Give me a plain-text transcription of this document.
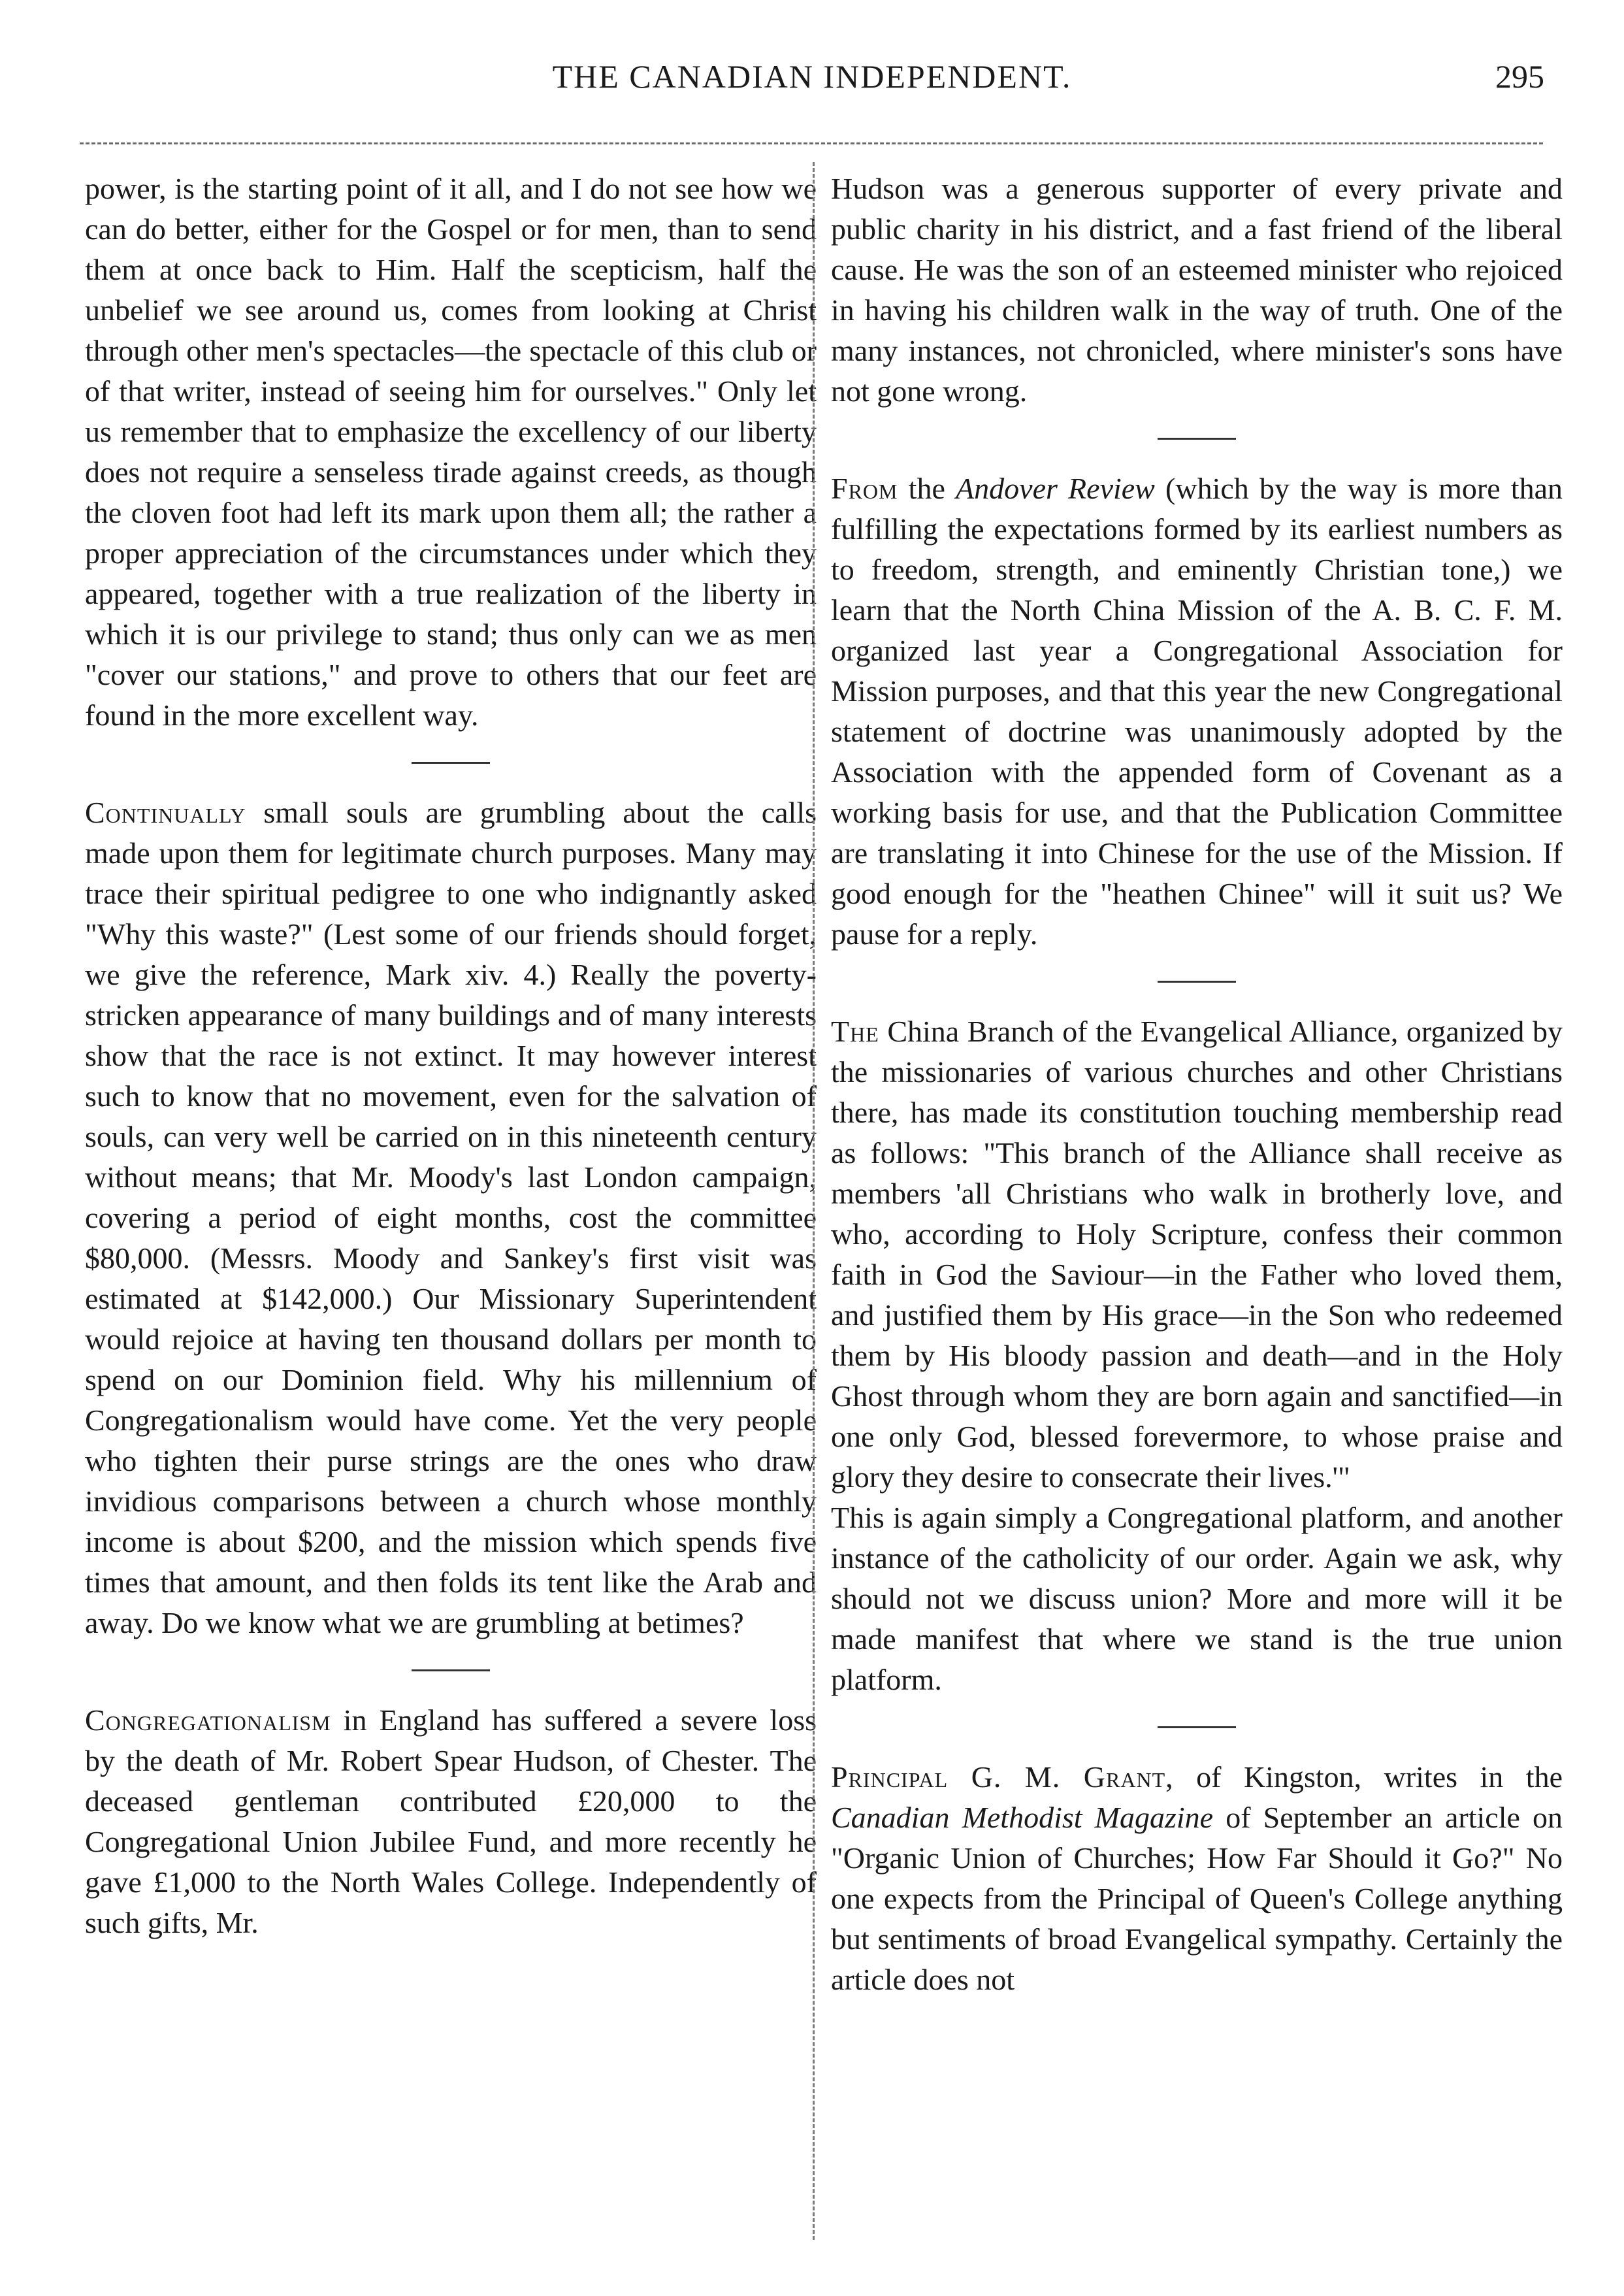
THE CANADIAN INDEPENDENT.	295

power, is the starting point of it all, and I do not see how we can do better, either for the Gospel or for men, than to send them at once back to Him. Half the scepticism, half the unbelief we see around us, comes from looking at Christ through other men's spectacles—the spectacle of this club or of that writer, instead of seeing him for ourselves." Only let us remember that to emphasize the excellency of our liberty does not require a senseless tirade against creeds, as though the cloven foot had left its mark upon them all; the rather a proper appreciation of the circumstances under which they appeared, together with a true realization of the liberty in which it is our privilege to stand; thus only can we as men "cover our stations," and prove to others that our feet are found in the more excellent way.

Continually small souls are grumbling about the calls made upon them for legitimate church purposes. Many may trace their spiritual pedigree to one who indignantly asked "Why this waste?" (Lest some of our friends should forget, we give the reference, Mark xiv. 4.) Really the poverty-stricken appearance of many buildings and of many interests show that the race is not extinct. It may however interest such to know that no movement, even for the salvation of souls, can very well be carried on in this nineteenth century without means; that Mr. Moody's last London campaign, covering a period of eight months, cost the committee $80,000. (Messrs. Moody and Sankey's first visit was estimated at $142,000.) Our Missionary Superintendent would rejoice at having ten thousand dollars per month to spend on our Dominion field. Why his millennium of Congregationalism would have come. Yet the very people who tighten their purse strings are the ones who draw invidious comparisons between a church whose monthly income is about $200, and the mission which spends five times that amount, and then folds its tent like the Arab and away. Do we know what we are grumbling at betimes?

Congregationalism in England has suffered a severe loss by the death of Mr. Robert Spear Hudson, of Chester. The deceased gentleman contributed £20,000 to the Congregational Union Jubilee Fund, and more recently he gave £1,000 to the North Wales College. Independently of such gifts, Mr.

Hudson was a generous supporter of every private and public charity in his district, and a fast friend of the liberal cause. He was the son of an esteemed minister who rejoiced in having his children walk in the way of truth. One of the many instances, not chronicled, where minister's sons have not gone wrong.

From the Andover Review (which by the way is more than fulfilling the expectations formed by its earliest numbers as to freedom, strength, and eminently Christian tone,) we learn that the North China Mission of the A. B. C. F. M. organized last year a Congregational Association for Mission purposes, and that this year the new Congregational statement of doctrine was unanimously adopted by the Association with the appended form of Covenant as a working basis for use, and that the Publication Committee are translating it into Chinese for the use of the Mission. If good enough for the "heathen Chinee" will it suit us? We pause for a reply.

The China Branch of the Evangelical Alliance, organized by the missionaries of various churches and other Christians there, has made its constitution touching membership read as follows: "This branch of the Alliance shall receive as members 'all Christians who walk in brotherly love, and who, according to Holy Scripture, confess their common faith in God the Saviour—in the Father who loved them, and justified them by His grace—in the Son who redeemed them by His bloody passion and death—and in the Holy Ghost through whom they are born again and sanctified—in one only God, blessed forevermore, to whose praise and glory they desire to consecrate their lives.'"

This is again simply a Congregational platform, and another instance of the catholicity of our order. Again we ask, why should not we discuss union? More and more will it be made manifest that where we stand is the true union platform.

Principal G. M. Grant, of Kingston, writes in the Canadian Methodist Magazine of September an article on "Organic Union of Churches; How Far Should it Go?" No one expects from the Principal of Queen's College anything but sentiments of broad Evangelical sympathy. Certainly the article does not
